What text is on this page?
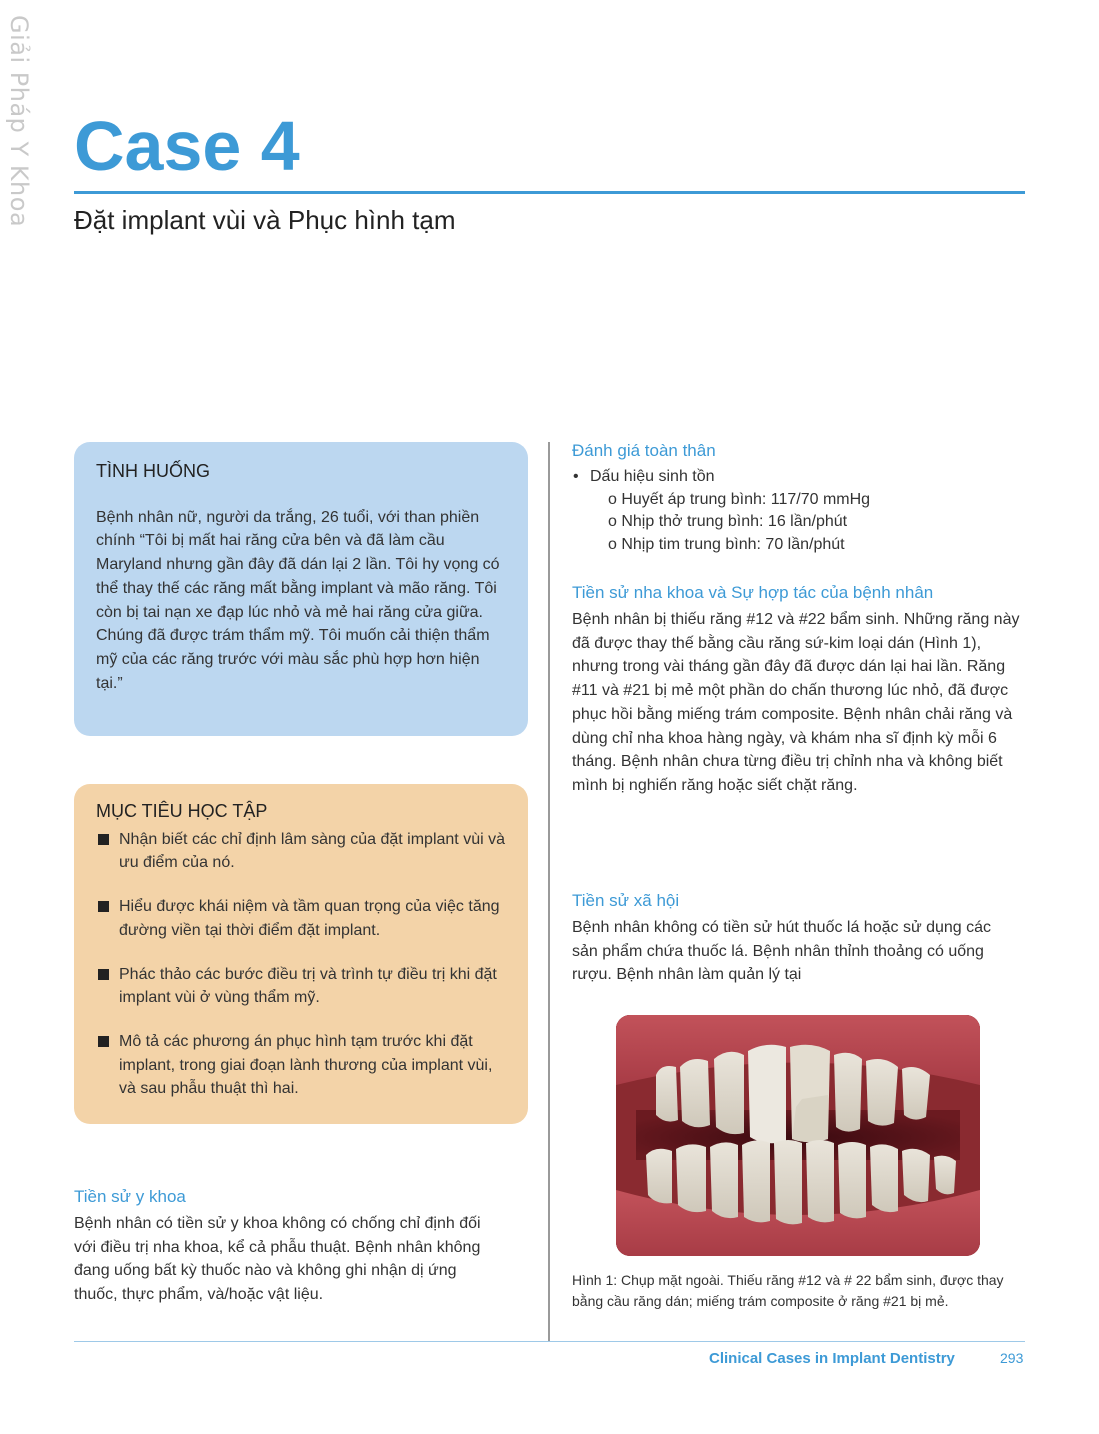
Giải Pháp Y Khoa Case 4
Đặt implant vùi và Phục hình tạm
TÌNH HUỐNG

Bệnh nhân nữ, người da trắng, 26 tuổi, với than phiền chính “Tôi bị mất hai răng cửa bên và đã làm cầu Maryland nhưng gần đây đã dán lại 2 lần. Tôi hy vọng có thể thay thế các răng mất bằng implant và mão răng. Tôi còn bị tai nạn xe đạp lúc nhỏ và mẻ hai răng cửa giữa. Chúng đã được trám thẩm mỹ. Tôi muốn cải thiện thẩm mỹ của các răng trước với màu sắc phù hợp hơn hiện tại.”

MỤC TIÊU HỌC TẬP
Nhận biết các chỉ định lâm sàng của đặt implant vùi và ưu điểm của nó.
Hiểu được khái niệm và tầm quan trọng của việc tăng đường viền tại thời điểm đặt implant.
Phác thảo các bước điều trị và trình tự điều trị khi đặt implant vùi ở vùng thẩm mỹ.
Mô tả các phương án phục hình tạm trước khi đặt implant, trong giai đoạn lành thương của implant vùi, và sau phẫu thuật thì hai.
Tiền sử y khoa

Bệnh nhân có tiền sử y khoa không có chống chỉ định đối với điều trị nha khoa, kể cả phẫu thuật. Bệnh nhân không đang uống bất kỳ thuốc nào và không ghi nhận dị ứng thuốc, thực phẩm, và/hoặc vật liệu.

Đánh giá toàn thân
• Dấu hiệu sinh tồn
o Huyết áp trung bình: 117/70 mmHg
o Nhịp thở trung bình: 16 lần/phút
o Nhịp tim trung bình: 70 lần/phút
Tiền sử nha khoa và Sự hợp tác của bệnh nhân

Bệnh nhân bị thiếu răng #12 và #22 bẩm sinh. Những răng này đã được thay thế bằng cầu răng sứ-kim loại dán (Hình 1), nhưng trong vài tháng gần đây đã được dán lại hai lần. Răng #11 và #21 bị mẻ một phần do chấn thương lúc nhỏ, đã được phục hồi bằng miếng trám composite. Bệnh nhân chải răng và dùng chỉ nha khoa hàng ngày, và khám nha sĩ định kỳ mỗi 6 tháng. Bệnh nhân chưa từng điều trị chỉnh nha và không biết mình bị nghiến răng hoặc siết chặt răng.

Tiền sử xã hội

Bệnh nhân không có tiền sử hút thuốc lá hoặc sử dụng các sản phẩm chứa thuốc lá. Bệnh nhân thỉnh thoảng có uống rượu. Bệnh nhân làm quản lý tại

Hình 1: Chụp mặt ngoài. Thiếu răng #12 và # 22 bẩm sinh, được thay bằng cầu răng dán; miếng trám composite ở răng #21 bị mẻ.

Clinical Cases in Implant Dentistry	293
